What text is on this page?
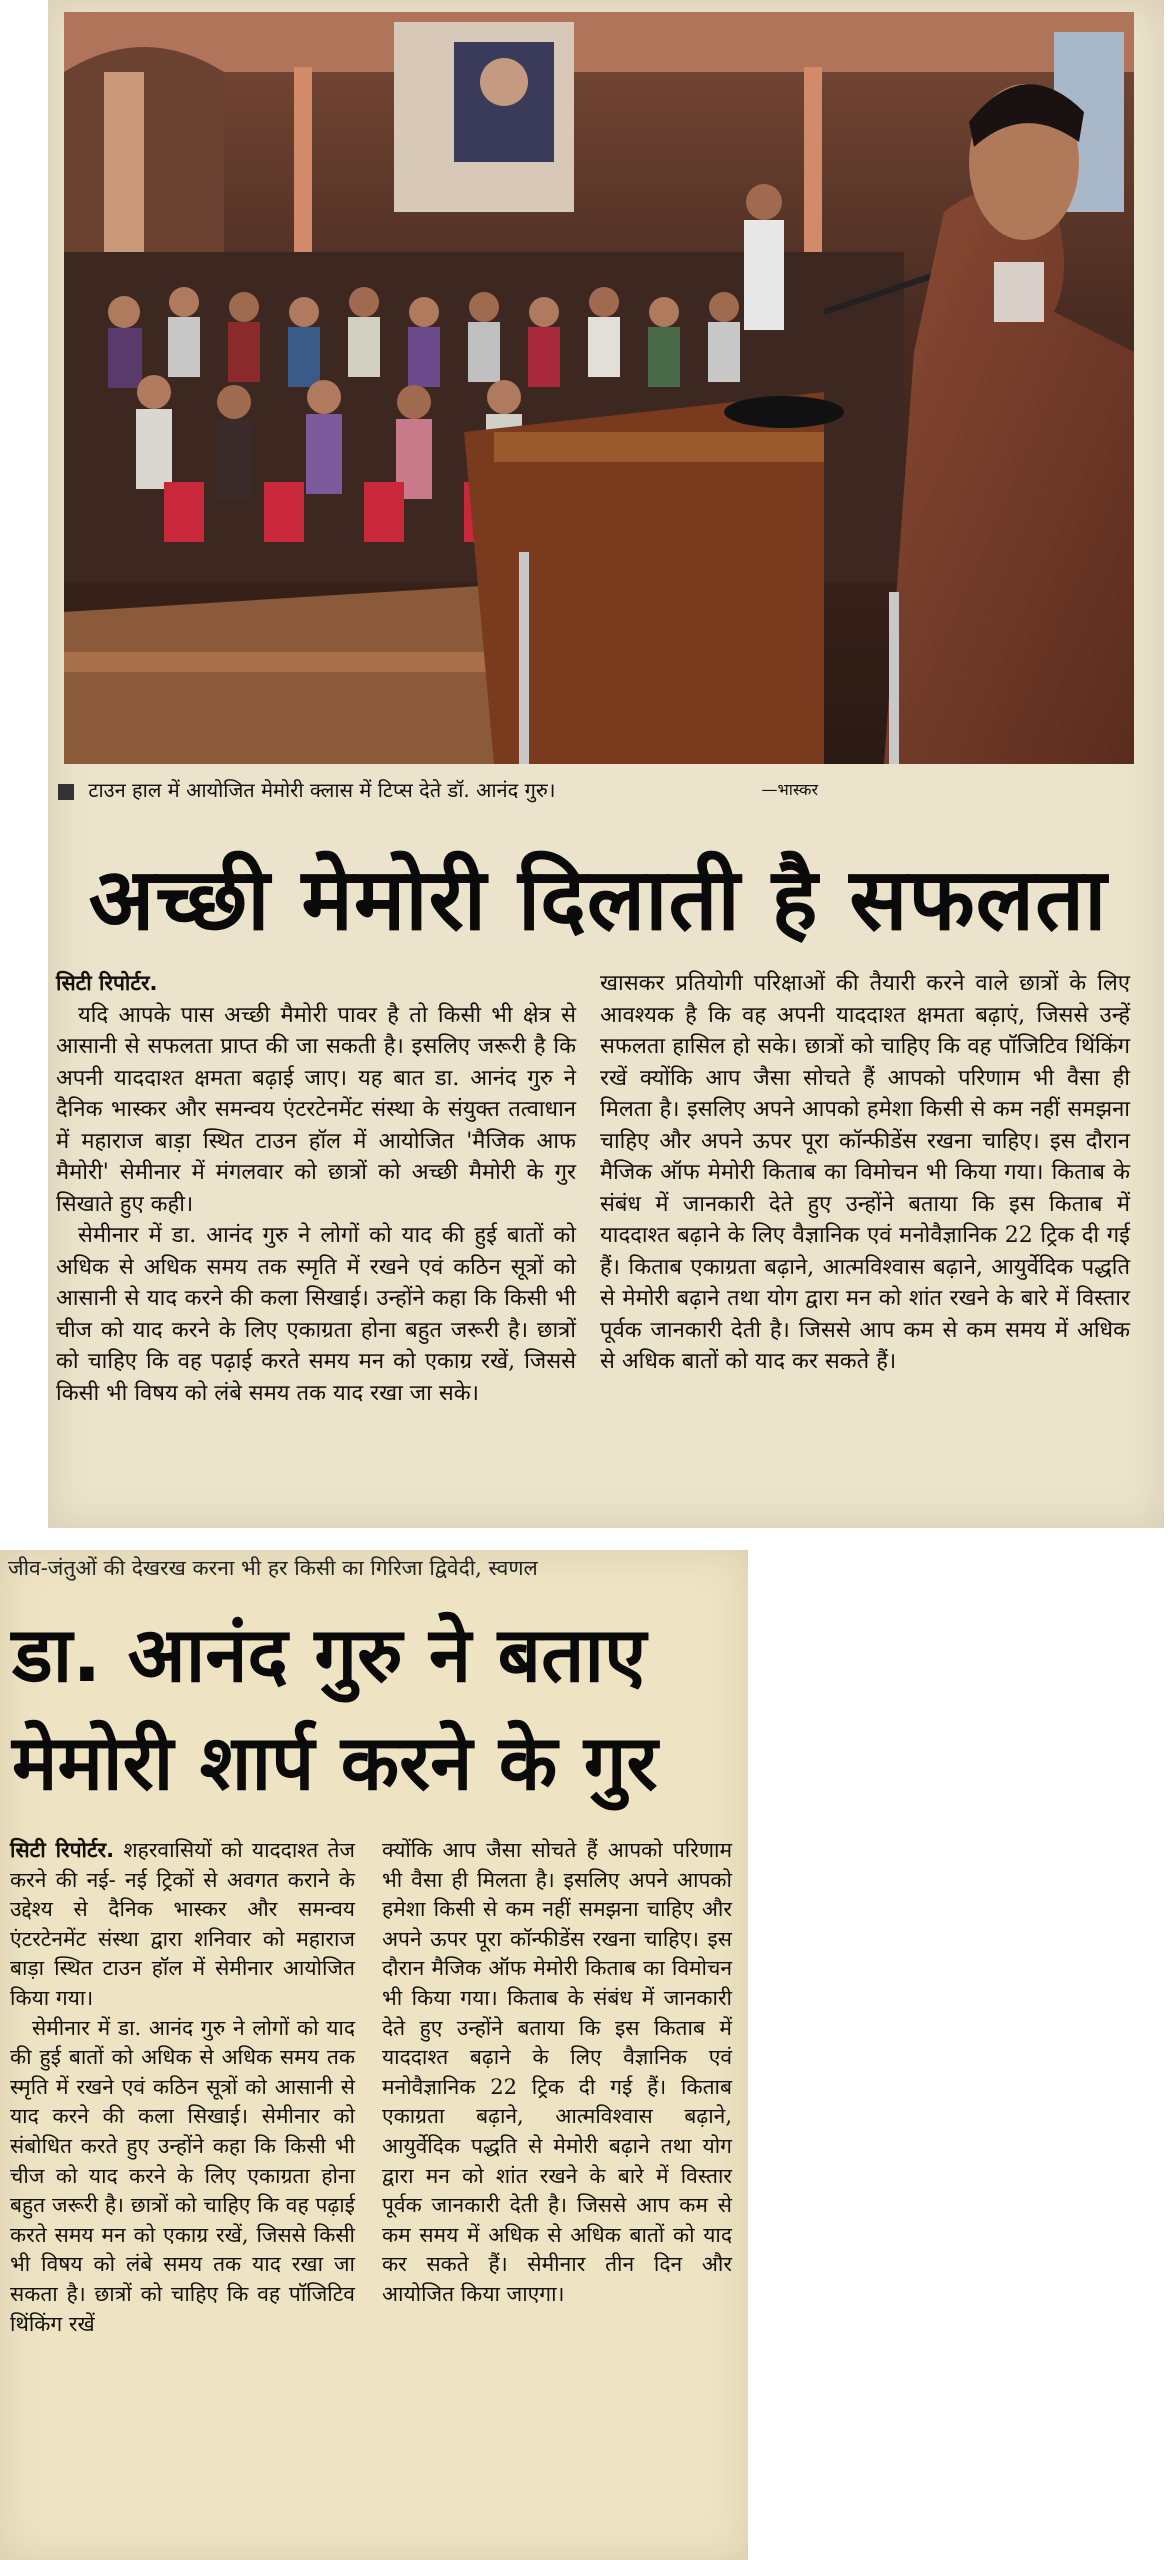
टाउन हाल में आयोजित मेमोरी क्लास में टिप्स देते डॉ. आनंद गुरु।	—भास्कर
अच्छी मेमोरी दिलाती है सफलता
सिटी रिपोर्टर.

यदि आपके पास अच्छी मैमोरी पावर है तो किसी भी क्षेत्र से आसानी से सफलता प्राप्त की जा सकती है। इसलिए जरूरी है कि अपनी याददाश्त क्षमता बढ़ाई जाए। यह बात डा. आनंद गुरु ने दैनिक भास्कर और समन्वय एंटरटेनमेंट संस्था के संयुक्त तत्वाधान में महाराज बाड़ा स्थित टाउन हॉल में आयोजित 'मैजिक आफ मैमोरी' सेमीनार में मंगलवार को छात्रों को अच्छी मैमोरी के गुर सिखाते हुए कही।

सेमीनार में डा. आनंद गुरु ने लोगों को याद की हुई बातों को अधिक से अधिक समय तक स्मृति में रखने एवं कठिन सूत्रों को आसानी से याद करने की कला सिखाई। उन्होंने कहा कि किसी भी चीज को याद करने के लिए एकाग्रता होना बहुत जरूरी है। छात्रों को चाहिए कि वह पढ़ाई करते समय मन को एकाग्र रखें, जिससे किसी भी विषय को लंबे समय तक याद रखा जा सके।

खासकर प्रतियोगी परिक्षाओं की तैयारी करने वाले छात्रों के लिए आवश्यक है कि वह अपनी याददाश्त क्षमता बढ़ाएं, जिससे उन्हें सफलता हासिल हो सके। छात्रों को चाहिए कि वह पॉजिटिव थिंकिंग रखें क्योंकि आप जैसा सोचते हैं आपको परिणाम भी वैसा ही मिलता है। इसलिए अपने आपको हमेशा किसी से कम नहीं समझना चाहिए और अपने ऊपर पूरा कॉन्फीडेंस रखना चाहिए। इस दौरान मैजिक ऑफ मेमोरी किताब का विमोचन भी किया गया। किताब के संबंध में जानकारी देते हुए उन्होंने बताया कि इस किताब में याददाश्त बढ़ाने के लिए वैज्ञानिक एवं मनोवैज्ञानिक 22 ट्रिक दी गई हैं। किताब एकाग्रता बढ़ाने, आत्मविश्वास बढ़ाने, आयुर्वेदिक पद्धति से मेमोरी बढ़ाने तथा योग द्वारा मन को शांत रखने के बारे में विस्तार पूर्वक जानकारी देती है। जिससे आप कम से कम समय में अधिक से अधिक बातों को याद कर सकते हैं।

जीव-जंतुओं की देखरख करना भी हर किसी का गिरिजा द्विवेदी, स्वणल
डा. आनंद गुरु ने बताए
मेमोरी शार्प करने के गुर

सिटी रिपोर्टर. शहरवासियों को याददाश्त तेज करने की नई- नई ट्रिकों से अवगत कराने के उद्देश्य से दैनिक भास्कर और समन्वय एंटरटेनमेंट संस्था द्वारा शनिवार को महाराज बाड़ा स्थित टाउन हॉल में सेमीनार आयोजित किया गया।

सेमीनार में डा. आनंद गुरु ने लोगों को याद की हुई बातों को अधिक से अधिक समय तक स्मृति में रखने एवं कठिन सूत्रों को आसानी से याद करने की कला सिखाई। सेमीनार को संबोधित करते हुए उन्होंने कहा कि किसी भी चीज को याद करने के लिए एकाग्रता होना बहुत जरूरी है। छात्रों को चाहिए कि वह पढ़ाई करते समय मन को एकाग्र रखें, जिससे किसी भी विषय को लंबे समय तक याद रखा जा सकता है। छात्रों को चाहिए कि वह पॉजिटिव थिंकिंग रखें

क्योंकि आप जैसा सोचते हैं आपको परिणाम भी वैसा ही मिलता है। इसलिए अपने आपको हमेशा किसी से कम नहीं समझना चाहिए और अपने ऊपर पूरा कॉन्फीडेंस रखना चाहिए। इस दौरान मैजिक ऑफ मेमोरी किताब का विमोचन भी किया गया। किताब के संबंध में जानकारी देते हुए उन्होंने बताया कि इस किताब में याददाश्त बढ़ाने के लिए वैज्ञानिक एवं मनोवैज्ञानिक 22 ट्रिक दी गई हैं। किताब एकाग्रता बढ़ाने, आत्मविश्वास बढ़ाने, आयुर्वेदिक पद्धति से मेमोरी बढ़ाने तथा योग द्वारा मन को शांत रखने के बारे में विस्तार पूर्वक जानकारी देती है। जिससे आप कम से कम समय में अधिक से अधिक बातों को याद कर सकते हैं। सेमीनार तीन दिन और आयोजित किया जाएगा।
